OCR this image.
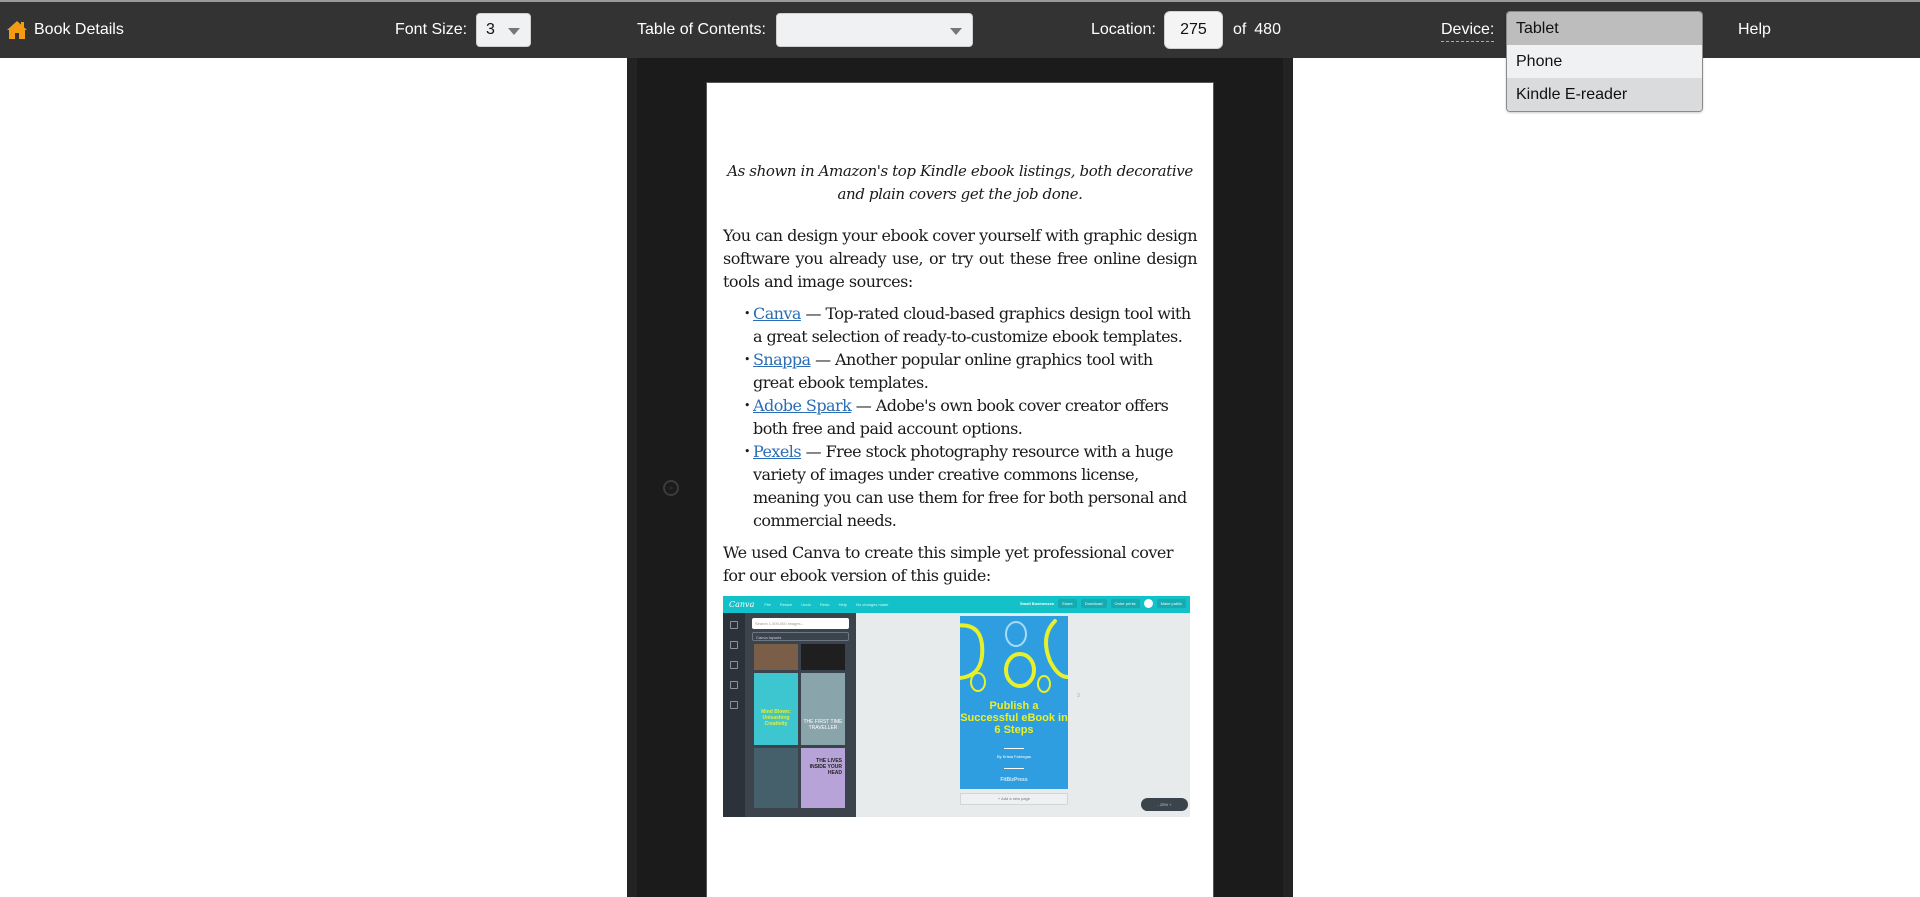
Book Details	Font Size: 3	Table of Contents:	Location:
275	of 480	Device:	Help
Tablet
Phone
Kindle E-reader

As shown in Amazon's top Kindle ebook listings, both decorative and plain covers get the job done.

You can design your ebook cover yourself with graphic design software you already use, or try out these free online design tools and image sources:

• Canva — Top-rated cloud-based graphics design tool with a great selection of ready-to-customize ebook templates.
• Snappa — Another popular online graphics tool with great ebook templates.
• Adobe Spark — Adobe's own book cover creator offers both free and paid account options.
• Pexels — Free stock photography resource with a huge variety of images under creative commons license, meaning you can use them for free for both personal and commercial needs.

We used Canva to create this simple yet professional cover for our ebook version of this guide:

Canva	File Resize Undo Redo Help No changes made	Small Businesses	Share	Download	Order prints	Make public
Search 1,000,000 images...
Canva layouts
Mind Blown: Unleashing Creativity	THE FIRST TIME TRAVELLER
THE LIVES INSIDE YOUR HEAD
Publish a Successful eBook in 6 Steps
By Krista Fabregas
FitBizPress
3
+ Add a new page
- 25% +
